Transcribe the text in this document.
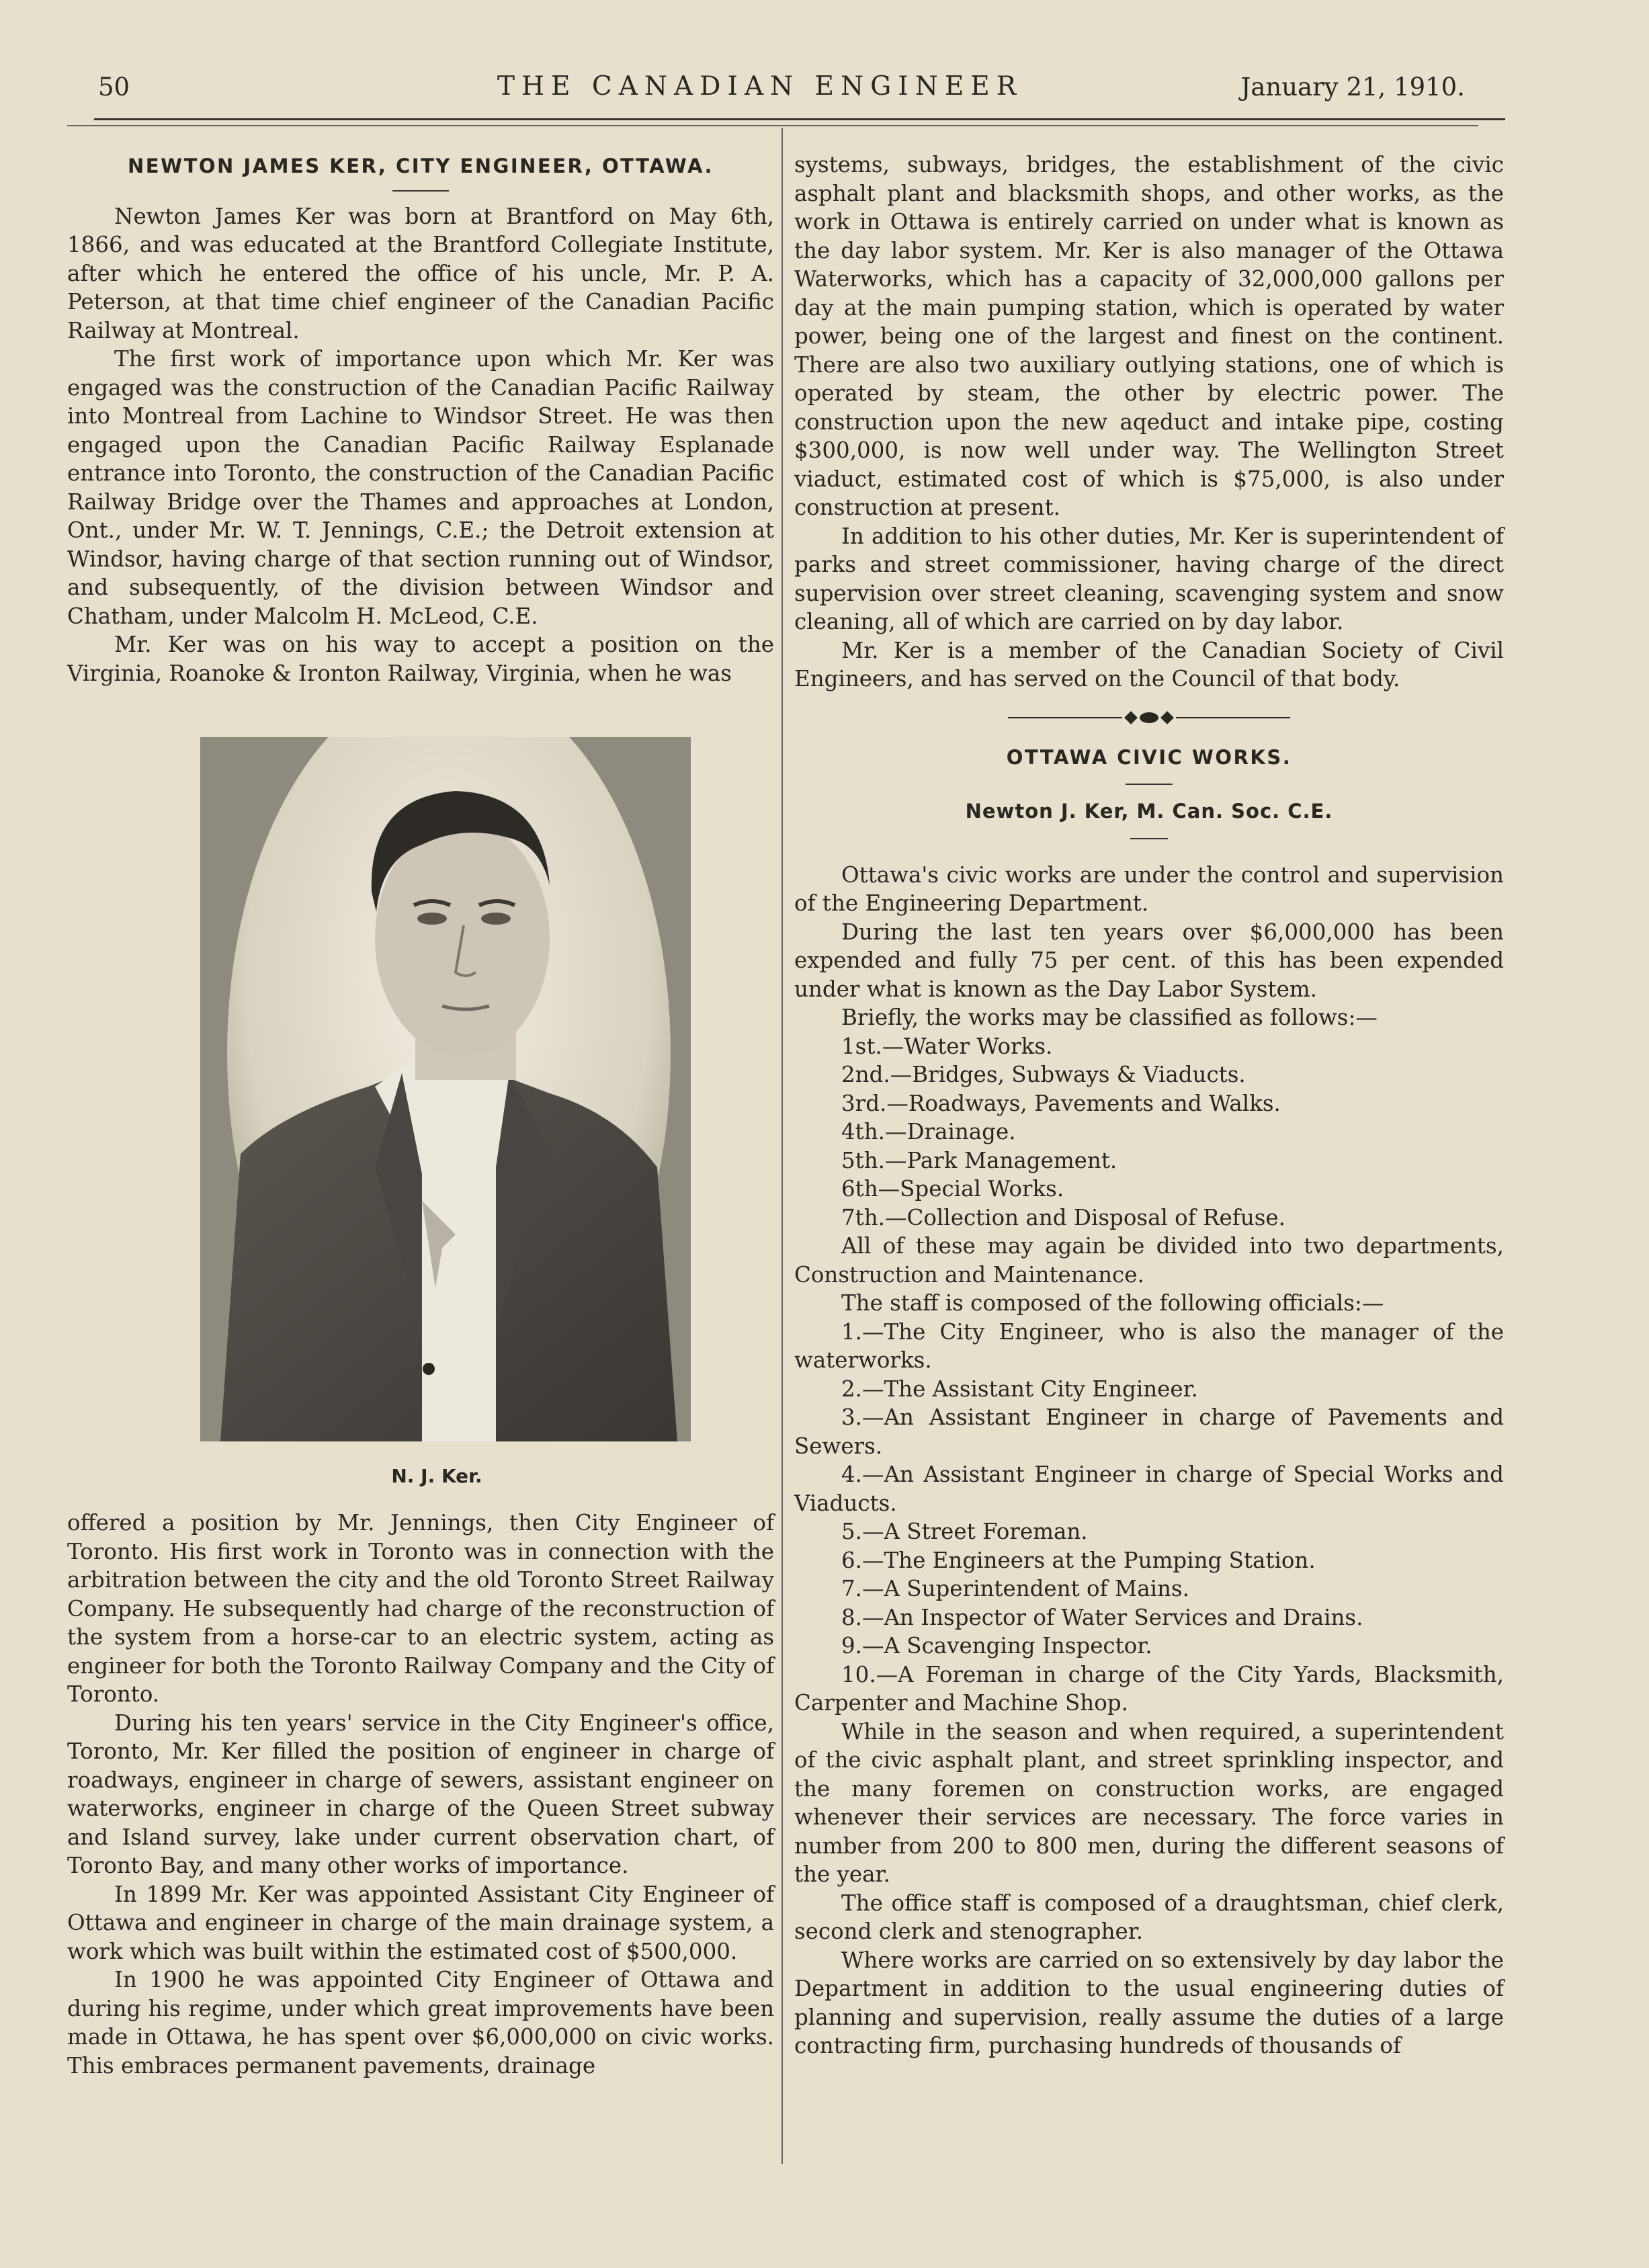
50	THE CANADIAN ENGINEER	January 21, 1910.
NEWTON JAMES KER, CITY ENGINEER, OTTAWA.

Newton James Ker was born at Brantford on May 6th, 1866, and was educated at the Brantford Collegiate Institute, after which he entered the office of his uncle, Mr. P. A. Peterson, at that time chief engineer of the Canadian Pacific Railway at Montreal.

The first work of importance upon which Mr. Ker was engaged was the construction of the Canadian Pacific Railway into Montreal from Lachine to Windsor Street. He was then engaged upon the Canadian Pacific Railway Esplanade entrance into Toronto, the construction of the Canadian Pacific Railway Bridge over the Thames and approaches at London, Ont., under Mr. W. T. Jennings, C.E.; the Detroit extension at Windsor, having charge of that section running out of Windsor, and subsequently, of the division between Windsor and Chatham, under Malcolm H. McLeod, C.E.

Mr. Ker was on his way to accept a position on the Virginia, Roanoke & Ironton Railway, Virginia, when he was

N. J. Ker.

offered a position by Mr. Jennings, then City Engineer of Toronto. His first work in Toronto was in connection with the arbitration between the city and the old Toronto Street Railway Company. He subsequently had charge of the reconstruction of the system from a horse-car to an electric system, acting as engineer for both the Toronto Railway Company and the City of Toronto.

During his ten years' service in the City Engineer's office, Toronto, Mr. Ker filled the position of engineer in charge of roadways, engineer in charge of sewers, assistant engineer on waterworks, engineer in charge of the Queen Street subway and Island survey, lake under current observation chart, of Toronto Bay, and many other works of importance.

In 1899 Mr. Ker was appointed Assistant City Engineer of Ottawa and engineer in charge of the main drainage system, a work which was built within the estimated cost of $500,000.

In 1900 he was appointed City Engineer of Ottawa and during his regime, under which great improvements have been made in Ottawa, he has spent over $6,000,000 on civic works. This embraces permanent pavements, drainage

systems, subways, bridges, the establishment of the civic asphalt plant and blacksmith shops, and other works, as the work in Ottawa is entirely carried on under what is known as the day labor system. Mr. Ker is also manager of the Ottawa Waterworks, which has a capacity of 32,000,000 gallons per day at the main pumping station, which is operated by water power, being one of the largest and finest on the continent. There are also two auxiliary outlying stations, one of which is operated by steam, the other by electric power. The construction upon the new aqeduct and intake pipe, costing $300,000, is now well under way. The Wellington Street viaduct, estimated cost of which is $75,000, is also under construction at present.

In addition to his other duties, Mr. Ker is superintendent of parks and street commissioner, having charge of the direct supervision over street cleaning, scavenging system and snow cleaning, all of which are carried on by day labor.

Mr. Ker is a member of the Canadian Society of Civil Engineers, and has served on the Council of that body.

OTTAWA CIVIC WORKS.
Newton J. Ker, M. Can. Soc. C.E.

Ottawa's civic works are under the control and supervision of the Engineering Department.

During the last ten years over $6,000,000 has been expended and fully 75 per cent. of this has been expended under what is known as the Day Labor System.

Briefly, the works may be classified as follows:—

1st.—Water Works.

2nd.—Bridges, Subways & Viaducts.

3rd.—Roadways, Pavements and Walks.

4th.—Drainage.

5th.—Park Management.

6th—Special Works.

7th.—Collection and Disposal of Refuse.

All of these may again be divided into two departments, Construction and Maintenance.

The staff is composed of the following officials:—

1.—The City Engineer, who is also the manager of the waterworks.

2.—The Assistant City Engineer.

3.—An Assistant Engineer in charge of Pavements and Sewers.

4.—An Assistant Engineer in charge of Special Works and Viaducts.

5.—A Street Foreman.

6.—The Engineers at the Pumping Station.

7.—A Superintendent of Mains.

8.—An Inspector of Water Services and Drains.

9.—A Scavenging Inspector.

10.—A Foreman in charge of the City Yards, Blacksmith, Carpenter and Machine Shop.

While in the season and when required, a superintendent of the civic asphalt plant, and street sprinkling inspector, and the many foremen on construction works, are engaged whenever their services are necessary. The force varies in number from 200 to 800 men, during the different seasons of the year.

The office staff is composed of a draughtsman, chief clerk, second clerk and stenographer.

Where works are carried on so extensively by day labor the Department in addition to the usual engineering duties of planning and supervision, really assume the duties of a large contracting firm, purchasing hundreds of thousands of
